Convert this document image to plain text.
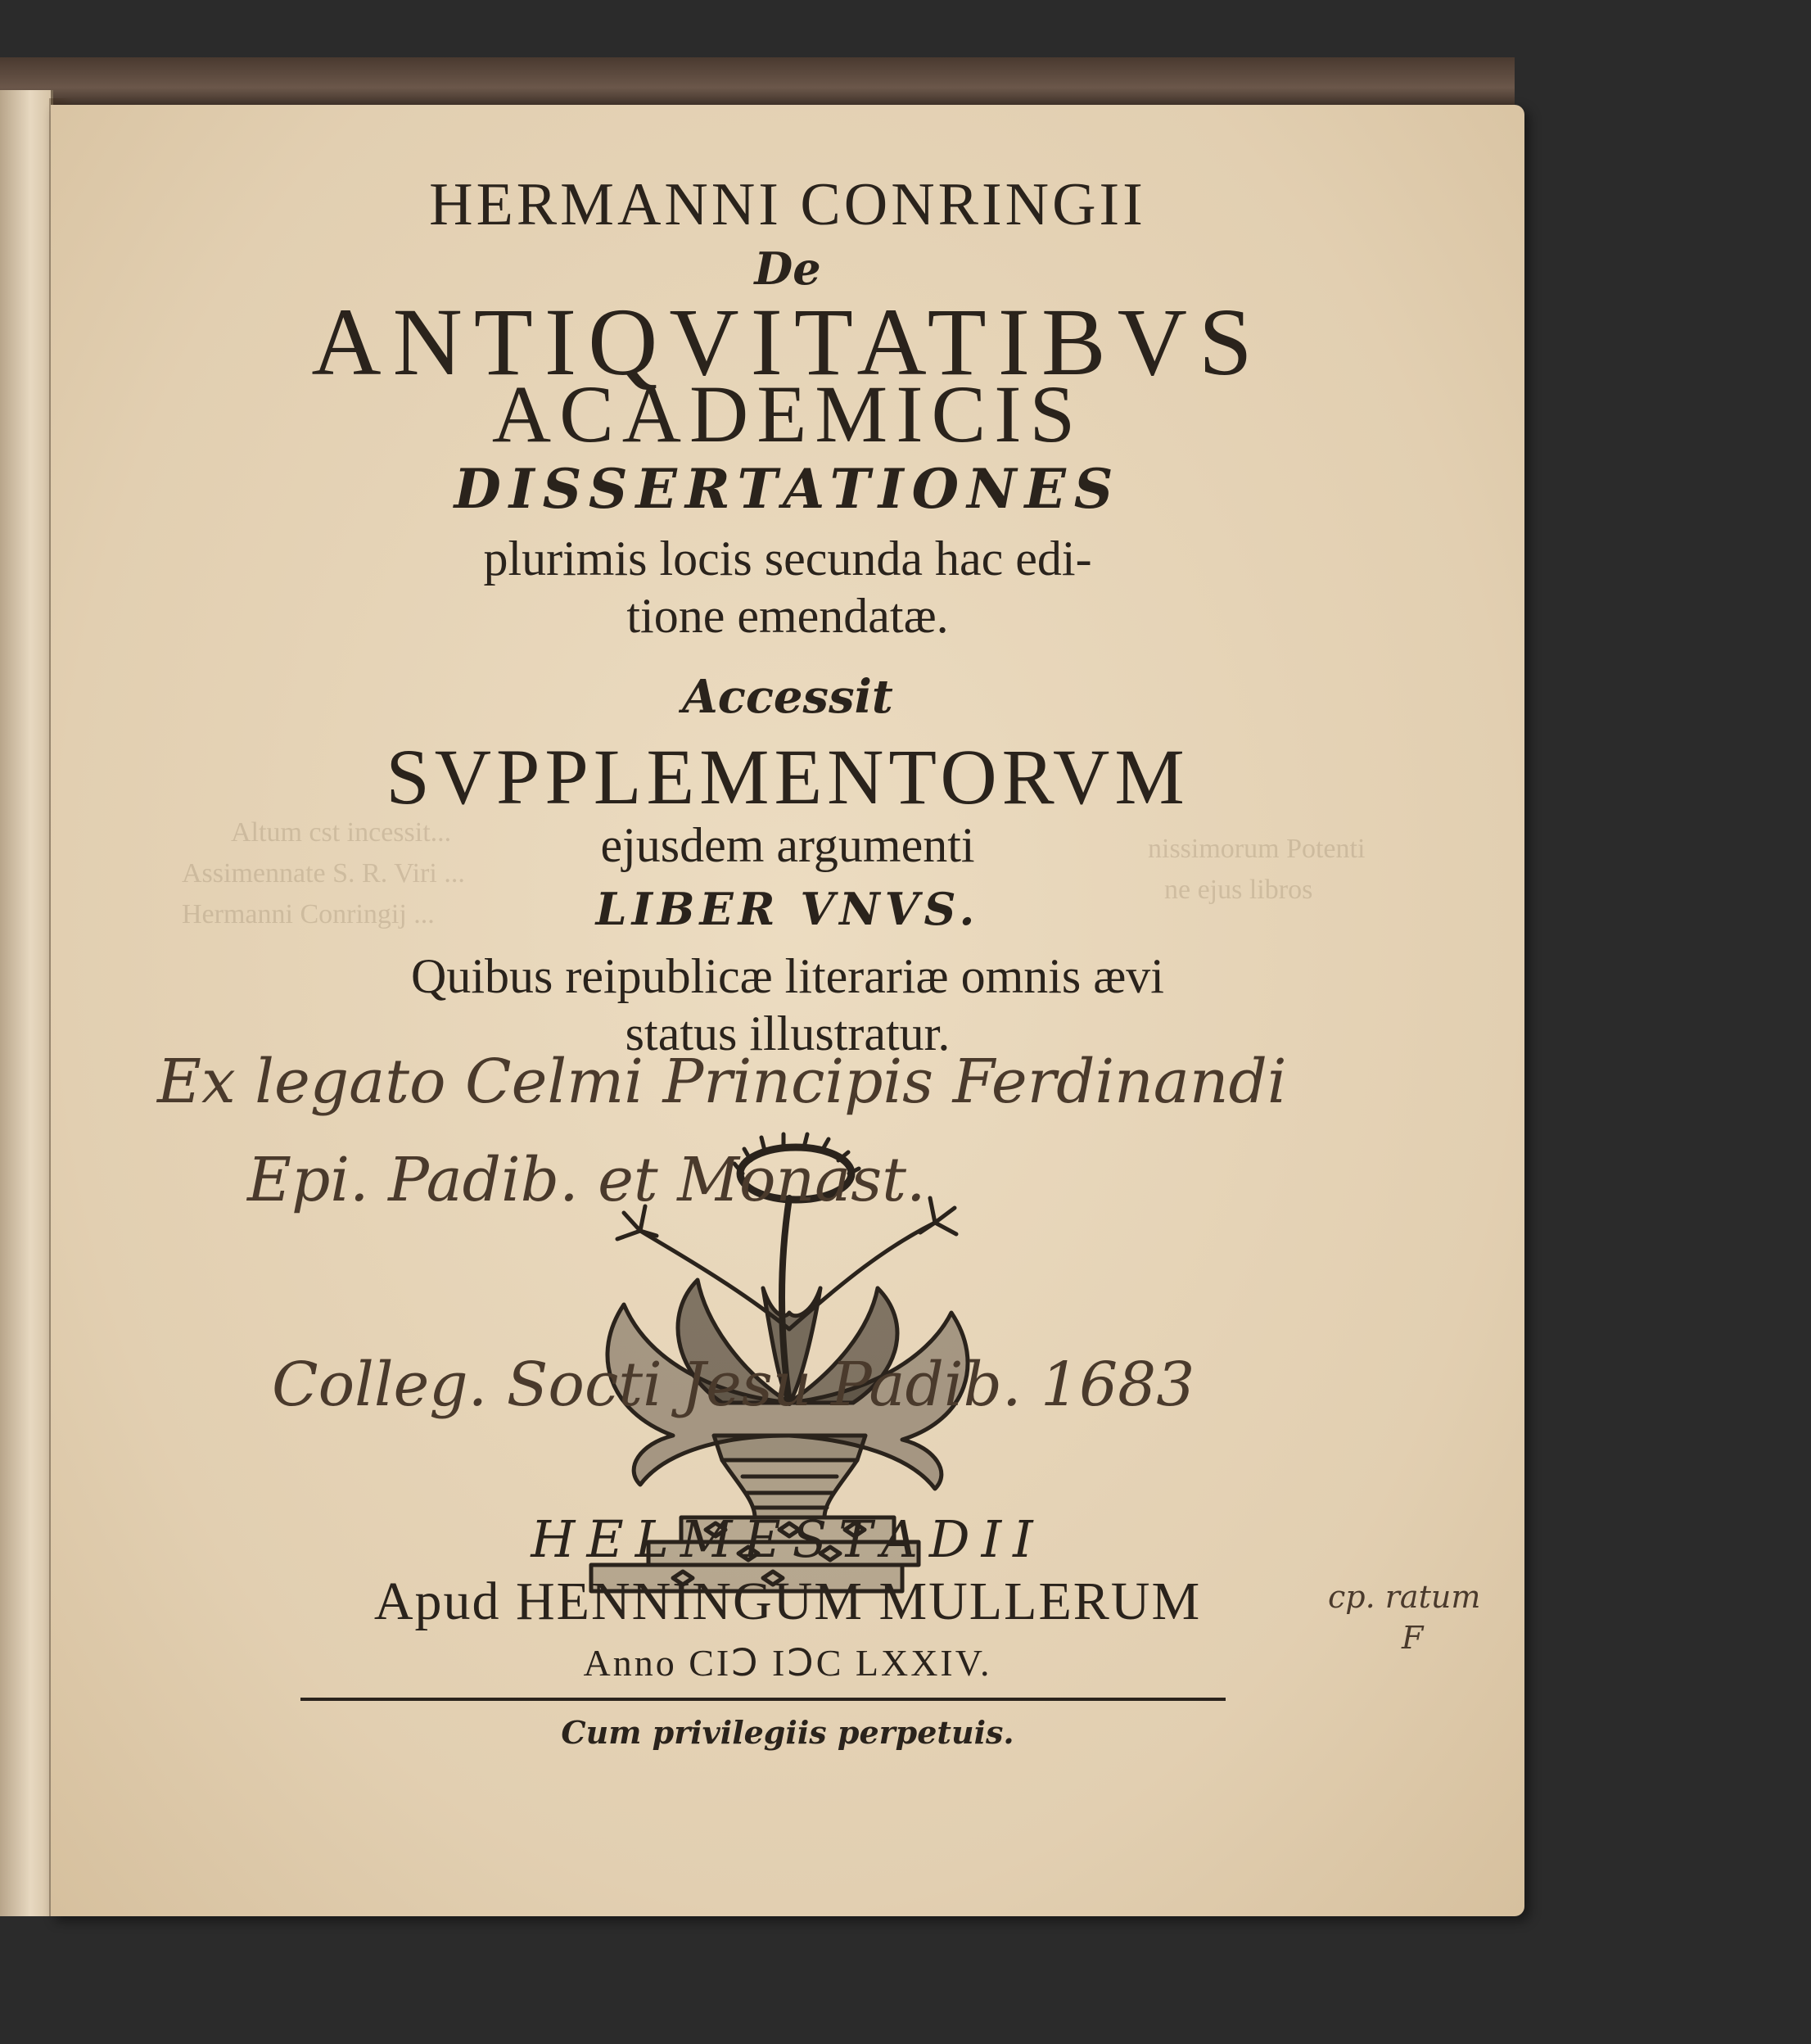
Altum cst incessit...
Assimennate S. R. Viri ...
Hermanni Conringij ...
nissimorum Potenti
ne ejus libros
HERMANNI CONRINGII
De
ANTIQVITATIBVS
ACADEMICIS
DISSERTATIONES
plurimis locis secunda hac edi-
tione emendatæ.
Accessit
SVPPLEMENTORVM
ejusdem argumenti
LIBER VNVS.
Quibus reipublicæ literariæ omnis ævi
status illustratur.
HELMESTADII
Apud HENNINGUM MULLERUM
Anno CIↃ IↃC LXXIV.
Cum privilegiis perpetuis.
Ex legato Celmi Principis Ferdinandi
Epi. Padib. et Monast.
Colleg. Socti Jesu Padib. 1683
cp. ratum
F
